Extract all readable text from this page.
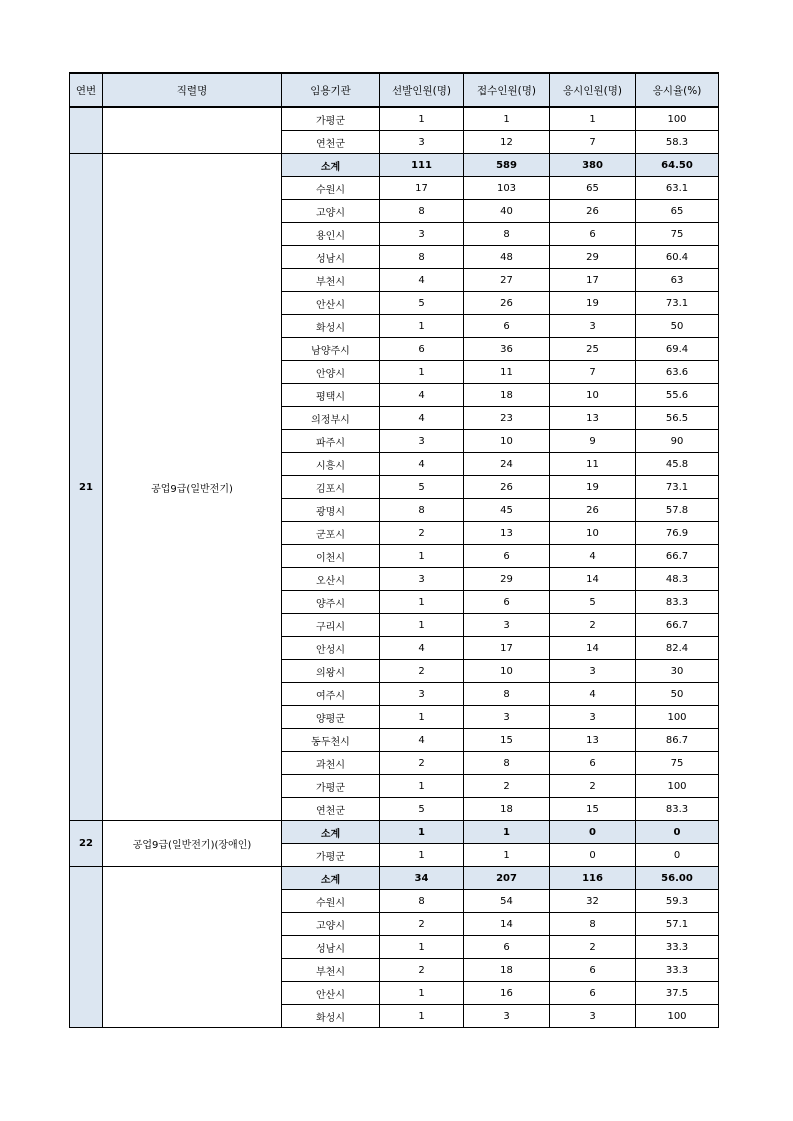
연번	직렬명	임용기관	선발인원(명)	접수인원(명)	응시인원(명)	응시율(%)
		가평군	1	1	1	100
		연천군	3	12	7	58.3
21	공업9급(일반전기)	소계	111	589	380	64.50
		수원시	17	103	65	63.1
		고양시	8	40	26	65
		용인시	3	8	6	75
		성남시	8	48	29	60.4
		부천시	4	27	17	63
		안산시	5	26	19	73.1
		화성시	1	6	3	50
		남양주시	6	36	25	69.4
		안양시	1	11	7	63.6
		평택시	4	18	10	55.6
		의정부시	4	23	13	56.5
		파주시	3	10	9	90
		시흥시	4	24	11	45.8
		김포시	5	26	19	73.1
		광명시	8	45	26	57.8
		군포시	2	13	10	76.9
		이천시	1	6	4	66.7
		오산시	3	29	14	48.3
		양주시	1	6	5	83.3
		구리시	1	3	2	66.7
		안성시	4	17	14	82.4
		의왕시	2	10	3	30
		여주시	3	8	4	50
		양평군	1	3	3	100
		동두천시	4	15	13	86.7
		과천시	2	8	6	75
		가평군	1	2	2	100
		연천군	5	18	15	83.3
22	공업9급(일반전기)(장애인)	소계	1	1	0	0
		가평군	1	1	0	0
		소계	34	207	116	56.00
		수원시	8	54	32	59.3
		고양시	2	14	8	57.1
		성남시	1	6	2	33.3
		부천시	2	18	6	33.3
		안산시	1	16	6	37.5
		화성시	1	3	3	100
